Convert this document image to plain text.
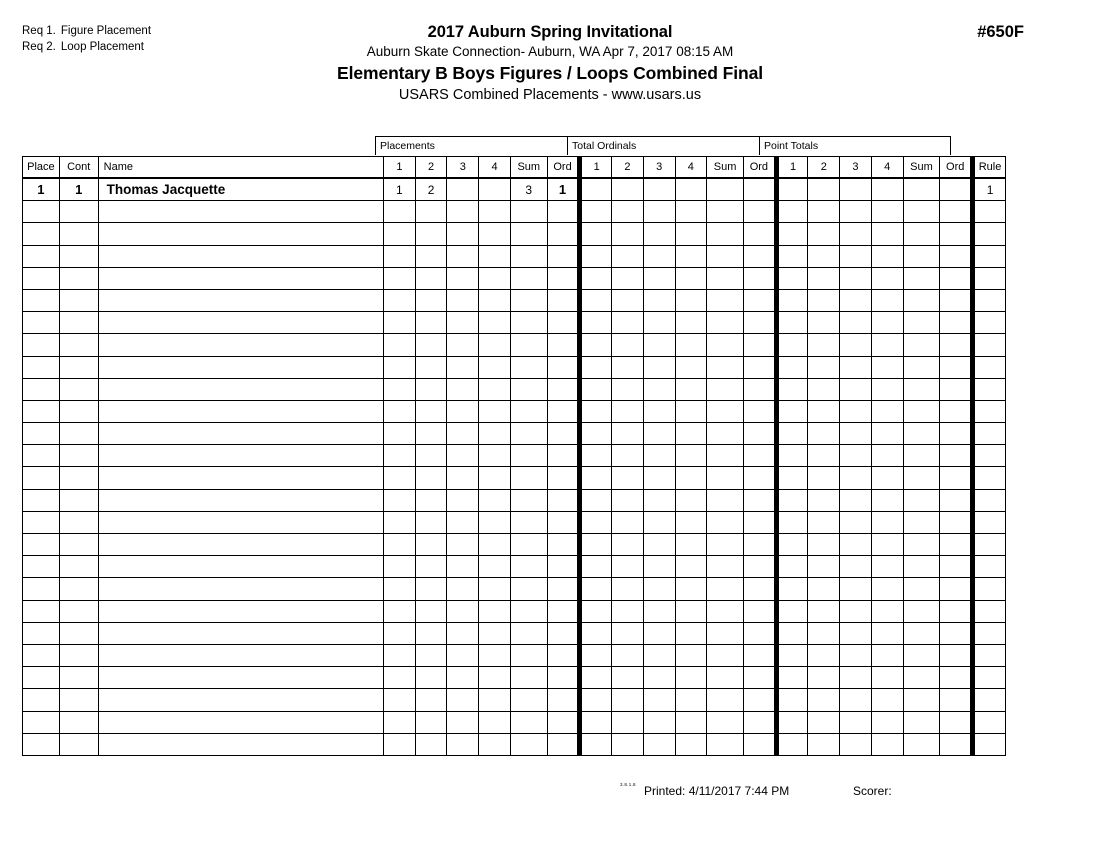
Req 1. Figure Placement
Req 2. Loop Placement
2017 Auburn Spring Invitational
Auburn Skate Connection- Auburn, WA Apr 7, 2017 08:15 AM
Elementary B Boys Figures / Loops Combined Final
USARS Combined Placements - www.usars.us
#650F
Placements	Total Ordinals	Point Totals
Place	Cont	Name	1	2	3	4	Sum	Ord	1	2	3	4	Sum	Ord	1	2	3	4	Sum	Ord	Rule
1	1	Thomas Jacquette	1	2			3	1													1

3.8.1.8 Printed: 4/11/2017 7:44 PM	Scorer:
